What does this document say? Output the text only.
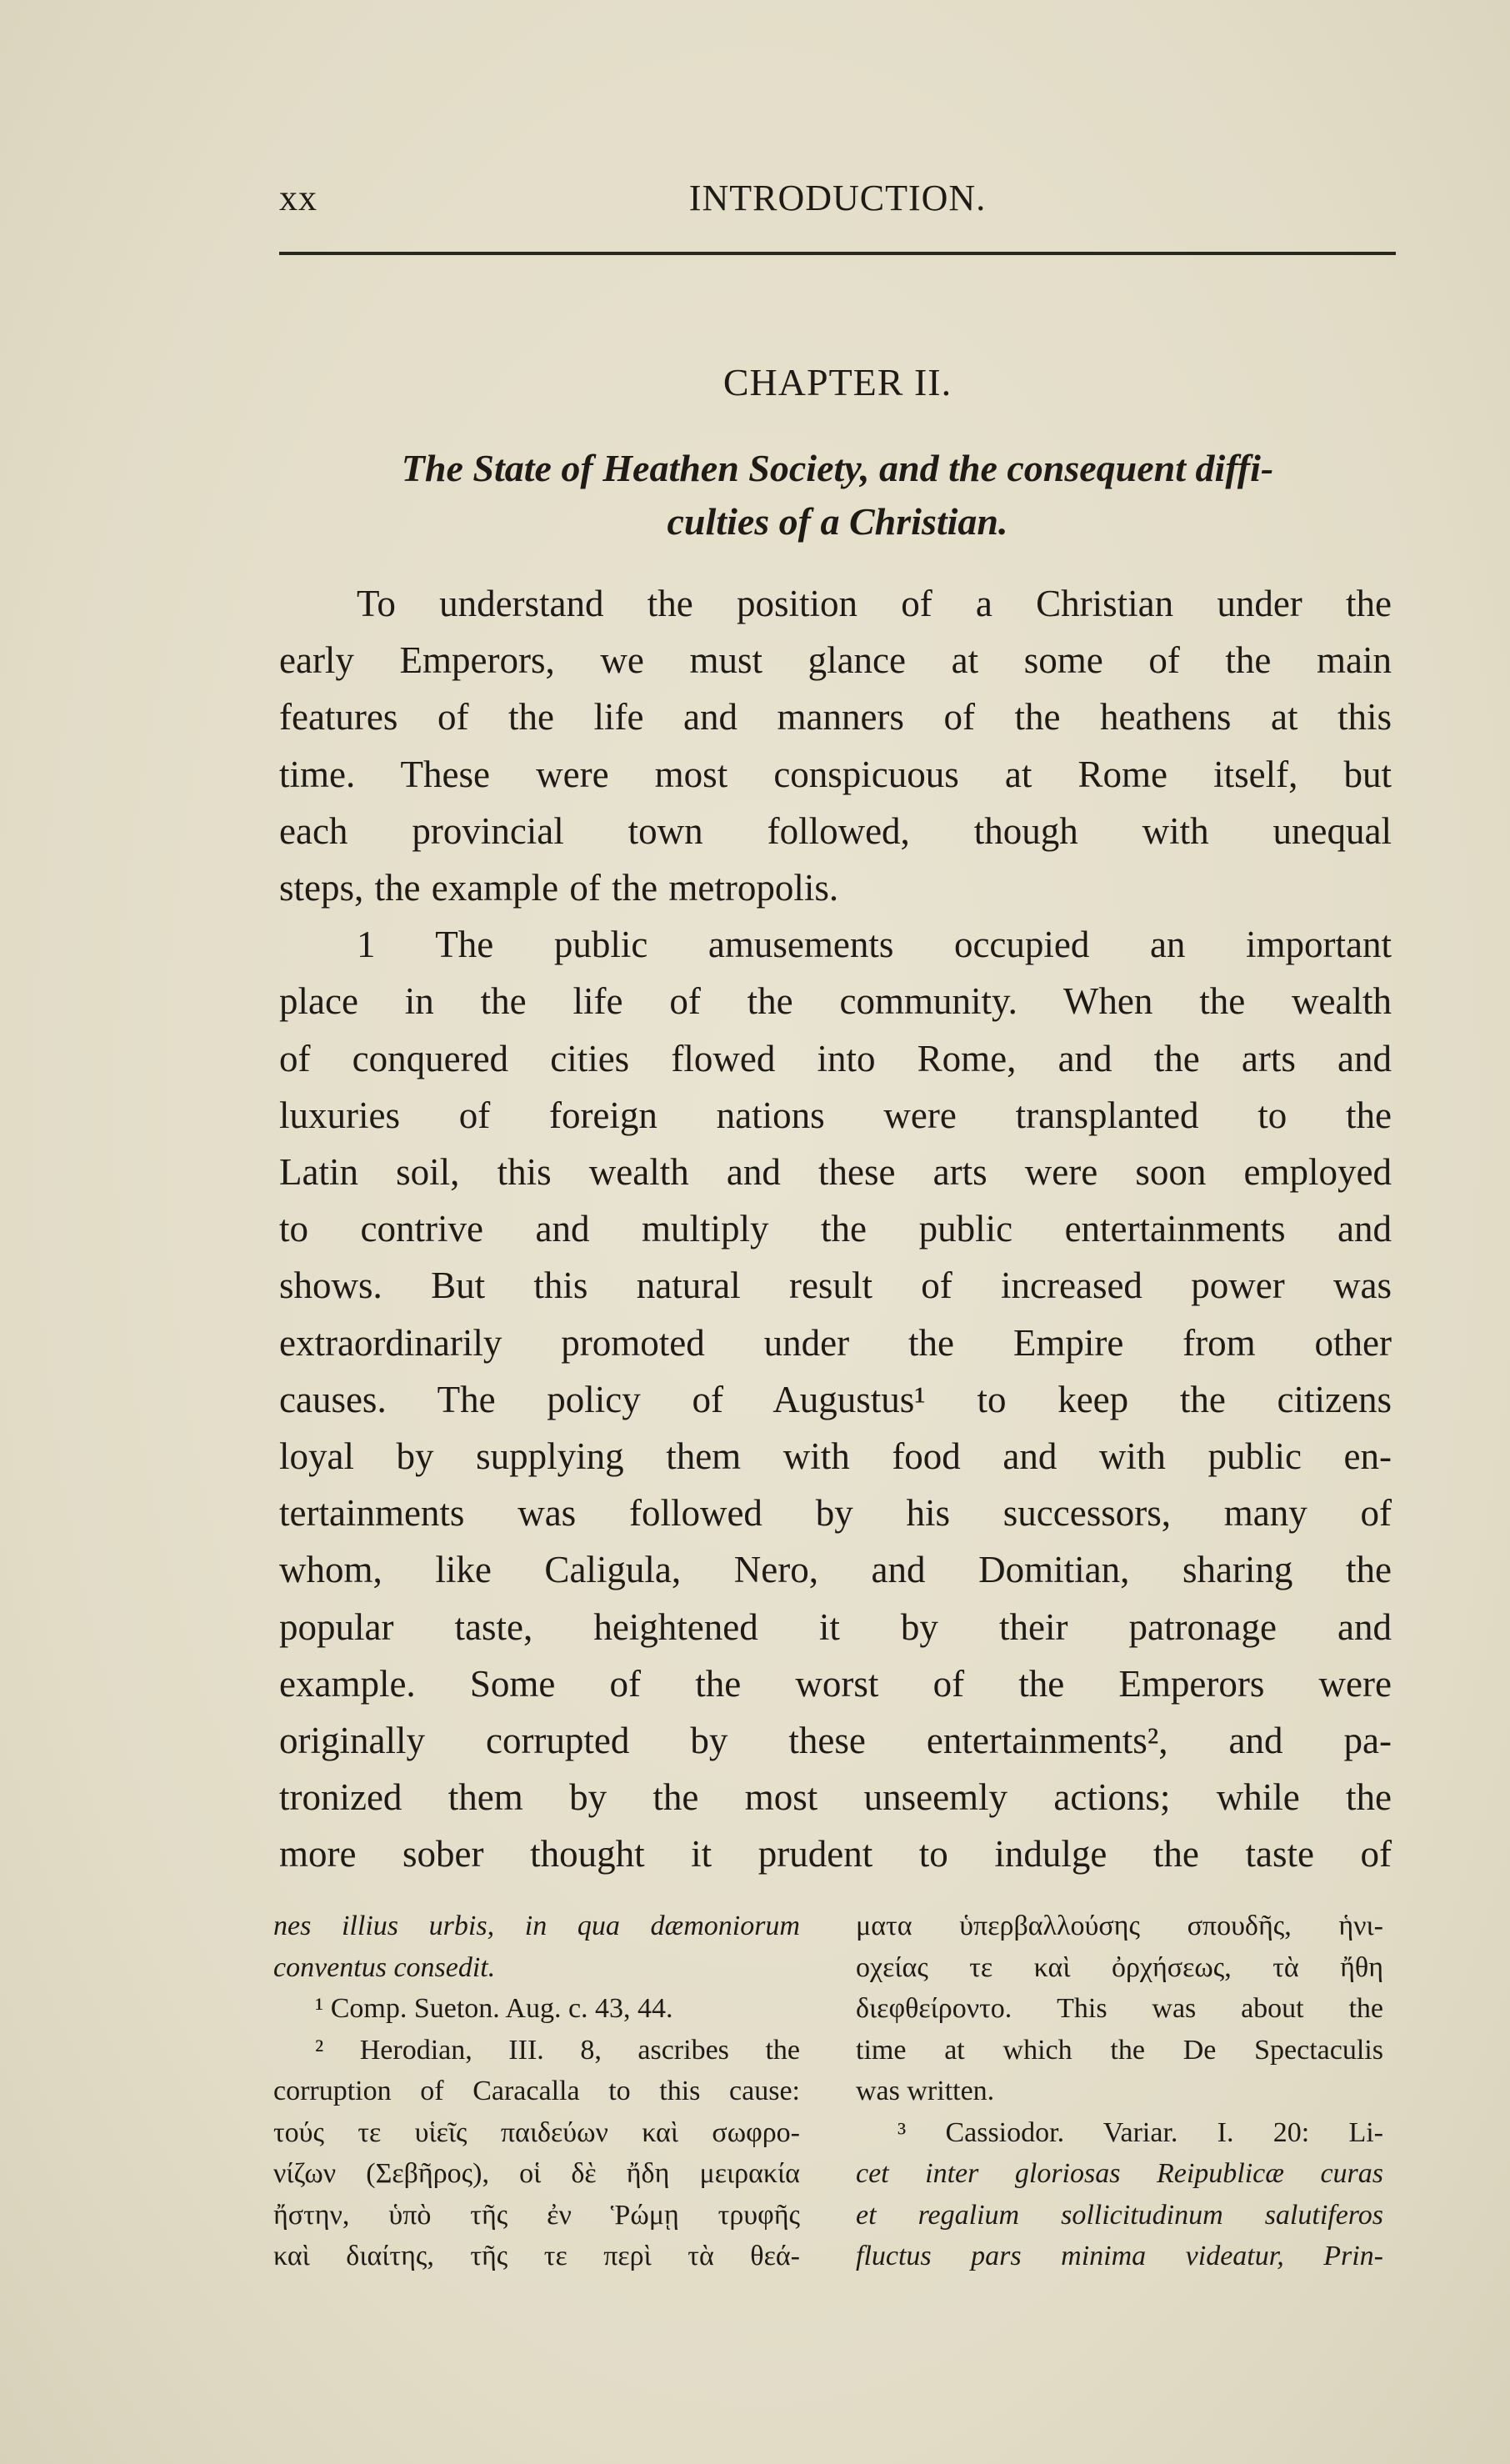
xx	INTRODUCTION.
CHAPTER II.
The State of Heathen Society, and the consequent diffi-
culties of a Christian.
To understand the position of a Christian under the
early Emperors, we must glance at some of the main
features of the life and manners of the heathens at this
time. These were most conspicuous at Rome itself, but
each provincial town followed, though with unequal
steps, the example of the metropolis.
1 The public amusements occupied an important
place in the life of the community. When the wealth
of conquered cities flowed into Rome, and the arts and
luxuries of foreign nations were transplanted to the
Latin soil, this wealth and these arts were soon employed
to contrive and multiply the public entertainments and
shows. But this natural result of increased power was
extraordinarily promoted under the Empire from other
causes. The policy of Augustus¹ to keep the citizens
loyal by supplying them with food and with public en-
tertainments was followed by his successors, many of
whom, like Caligula, Nero, and Domitian, sharing the
popular taste, heightened it by their patronage and
example. Some of the worst of the Emperors were
originally corrupted by these entertainments², and pa-
tronized them by the most unseemly actions; while the
more sober thought it prudent to indulge the taste of
nes illius urbis, in qua dæmoniorum
conventus consedit.
¹ Comp. Sueton. Aug. c. 43, 44.
² Herodian, III. 8, ascribes the
corruption of Caracalla to this cause:
τούς τε υἱεῖς παιδεύων καὶ σωφρο-
νίζων (Σεβῆρος), οἱ δὲ ἤδη μειρακία
ἤστην, ὑπὸ τῆς ἐν Ῥώμῃ τρυφῆς
καὶ διαίτης, τῆς τε περὶ τὰ θεά-
ματα ὑπερβαλλούσης σπουδῆς, ἡνι-
οχείας τε καὶ ὀρχήσεως, τὰ ἤθη
διεφθείροντο. This was about the
time at which the De Spectaculis
was written.
³ Cassiodor. Variar. I. 20: Li-
cet inter gloriosas Reipublicæ curas
et regalium sollicitudinum salutiferos
fluctus pars minima videatur, Prin-
